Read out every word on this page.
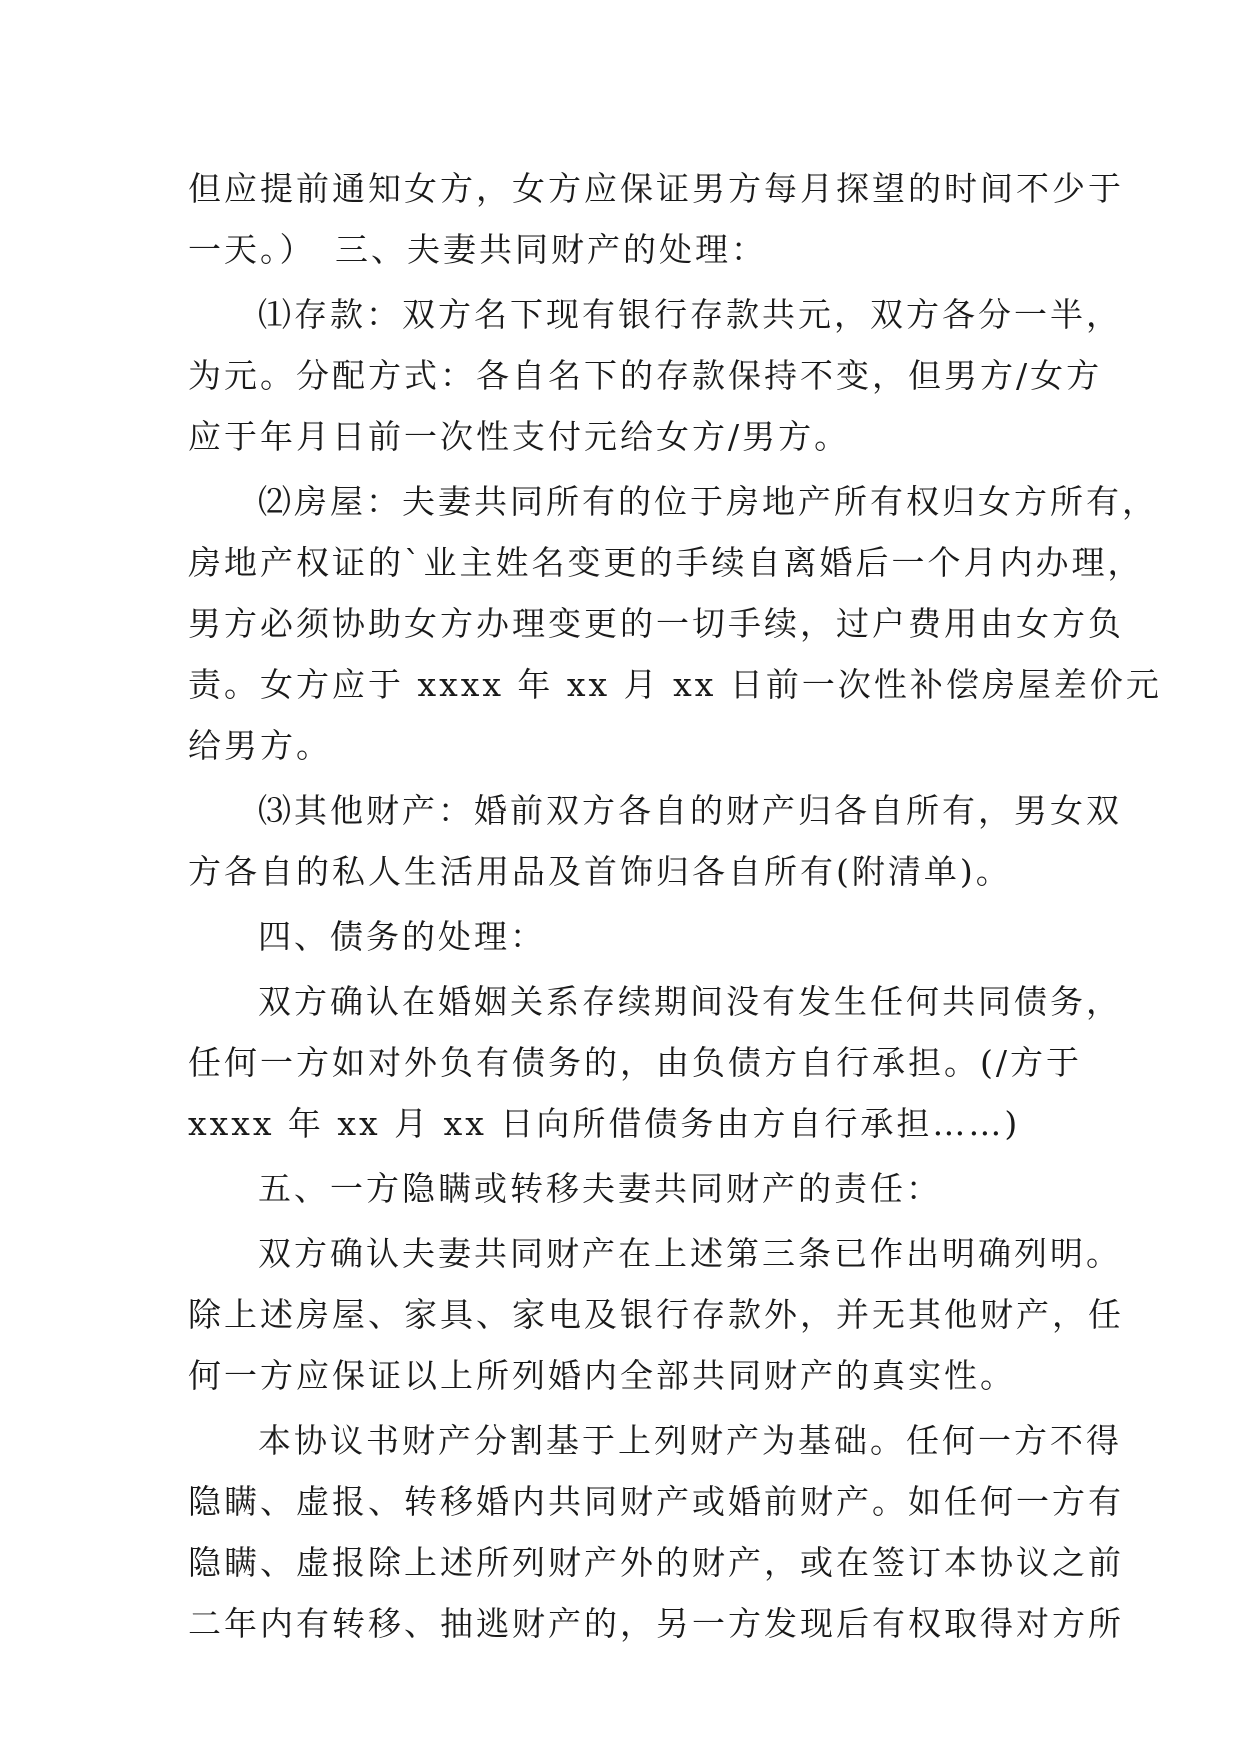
但应提前通知女方，女方应保证男方每月探望的时间不少于
一天。）　三、夫妻共同财产的处理：
⑴存款：双方名下现有银行存款共元，双方各分一半，
为元。分配方式：各自名下的存款保持不变，但男方/女方
应于年月日前一次性支付元给女方/男方。
⑵房屋：夫妻共同所有的位于房地产所有权归女方所有，
房地产权证的`业主姓名变更的手续自离婚后一个月内办理，
男方必须协助女方办理变更的一切手续，过户费用由女方负
责。女方应于 xxxx 年 xx 月 xx 日前一次性补偿房屋差价元
给男方。
⑶其他财产：婚前双方各自的财产归各自所有，男女双
方各自的私人生活用品及首饰归各自所有(附清单)。
四、债务的处理：
双方确认在婚姻关系存续期间没有发生任何共同债务，
任何一方如对外负有债务的，由负债方自行承担。(/方于
xxxx 年 xx 月 xx 日向所借债务由方自行承担……)
五、一方隐瞒或转移夫妻共同财产的责任：
双方确认夫妻共同财产在上述第三条已作出明确列明。
除上述房屋、家具、家电及银行存款外，并无其他财产，任
何一方应保证以上所列婚内全部共同财产的真实性。
本协议书财产分割基于上列财产为基础。任何一方不得
隐瞒、虚报、转移婚内共同财产或婚前财产。如任何一方有
隐瞒、虚报除上述所列财产外的财产，或在签订本协议之前
二年内有转移、抽逃财产的，另一方发现后有权取得对方所
